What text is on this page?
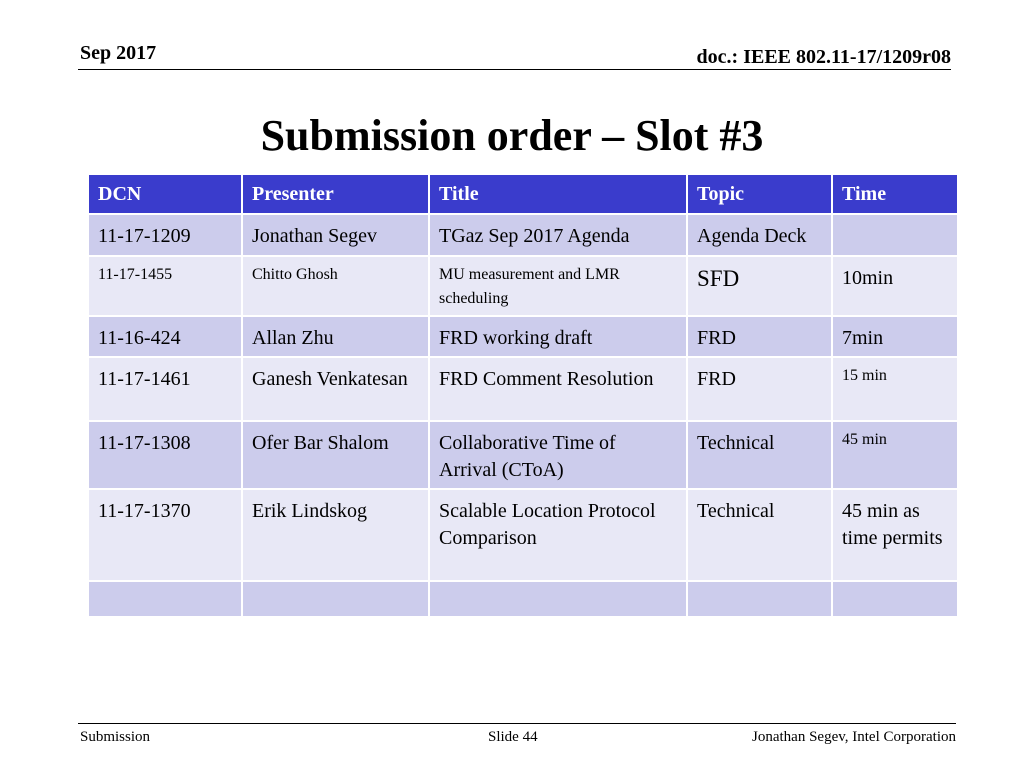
Sep 2017	doc.: IEEE 802.11-17/1209r08
Submission order – Slot #3
DCN	Presenter	Title	Topic	Time
11-17-1209	Jonathan Segev	TGaz Sep 2017 Agenda	Agenda Deck	
11-17-1455	Chitto Ghosh	MU measurement and LMR scheduling	SFD	10min
11-16-424	Allan Zhu	FRD working draft	FRD	7min
11-17-1461	Ganesh Venkatesan	FRD Comment Resolution	FRD	15 min
11-17-1308	Ofer Bar Shalom	Collaborative Time of Arrival (CToA)	Technical	45 min
11-17-1370	Erik Lindskog	Scalable Location Protocol Comparison	Technical	45 min as time permits

Submission	Slide 44	Jonathan Segev, Intel Corporation
